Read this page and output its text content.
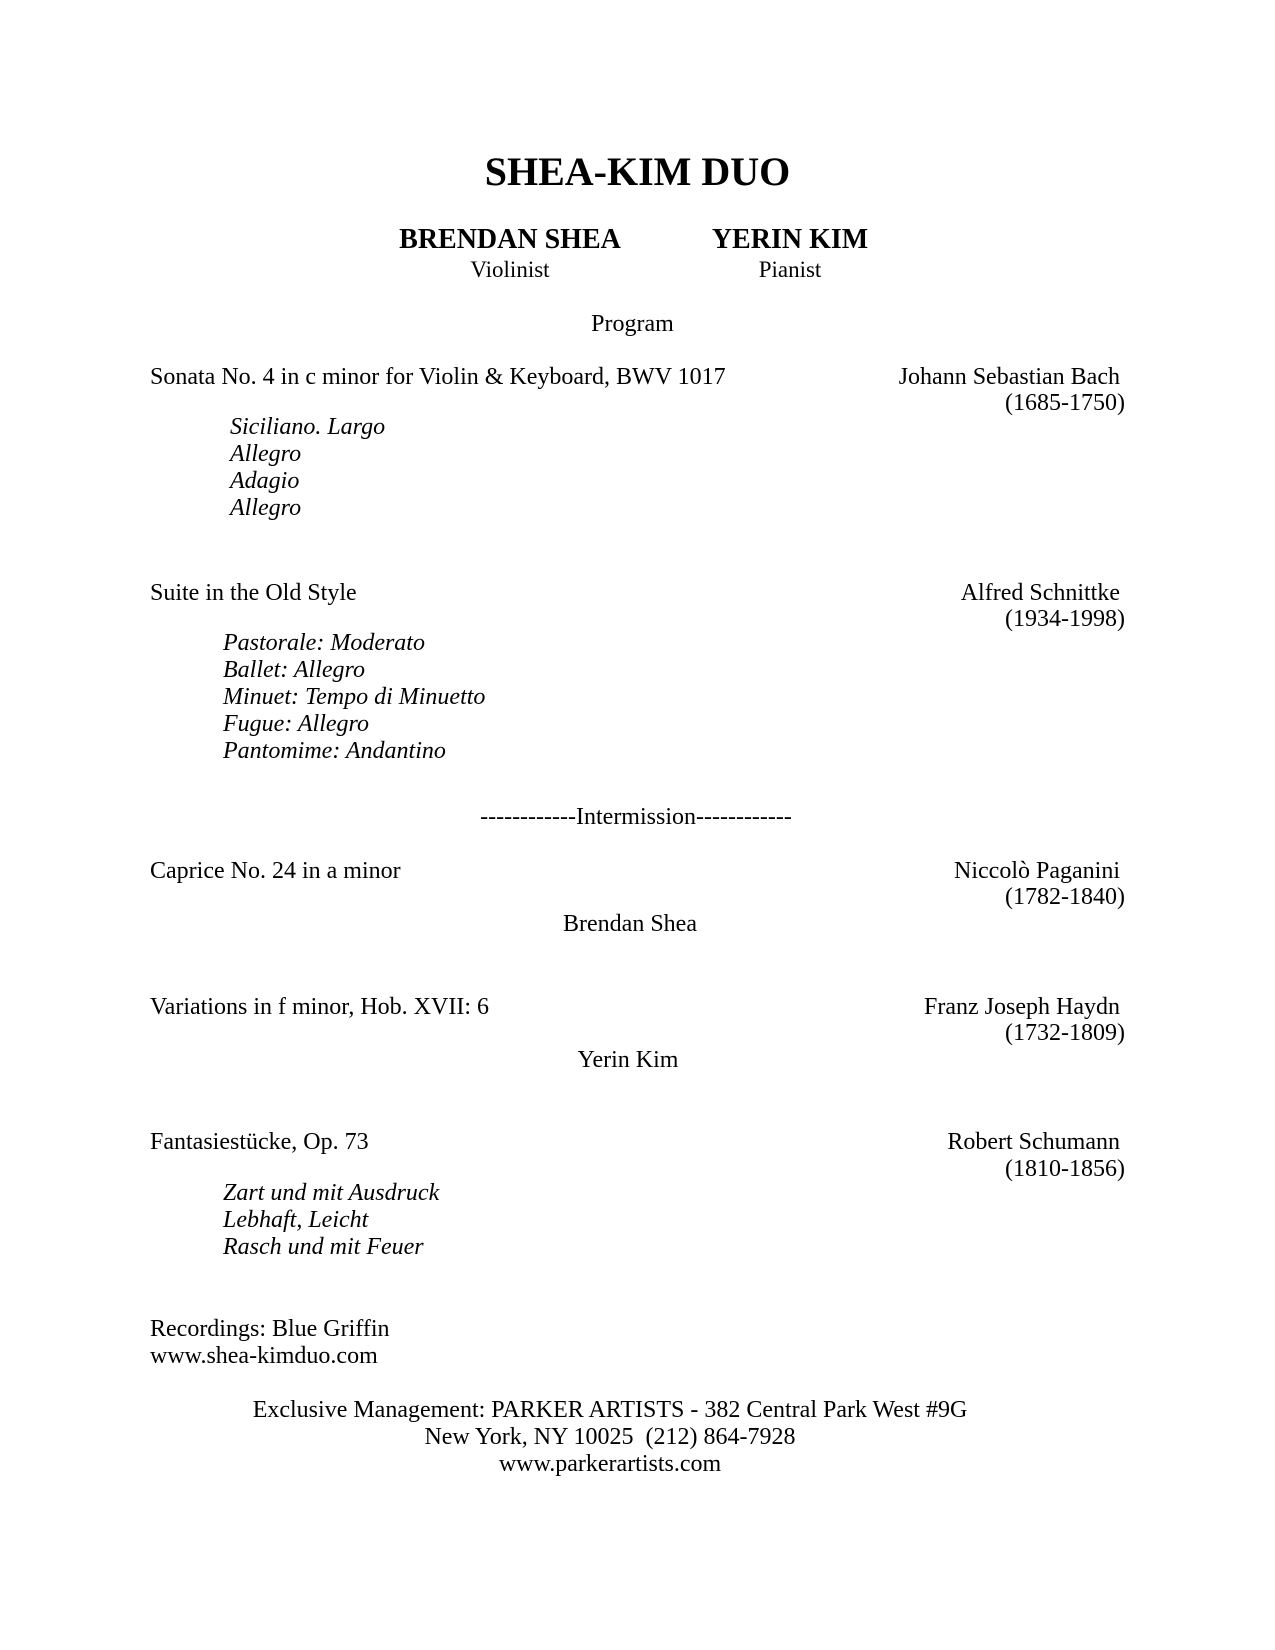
SHEA-KIM DUO
BRENDAN SHEA
Violinist
YERIN KIM
Pianist
Program
Sonata No. 4 in c minor for Violin & Keyboard, BWV 1017	Johann Sebastian Bach
(1685-1750)
Siciliano. Largo
Allegro
Adagio
Allegro
Suite in the Old Style	Alfred Schnittke
(1934-1998)
Pastorale: Moderato
Ballet: Allegro
Minuet: Tempo di Minuetto
Fugue: Allegro
Pantomime: Andantino
------------Intermission------------
Caprice No. 24 in a minor	Niccolò Paganini
(1782-1840)
Brendan Shea
Variations in f minor, Hob. XVII: 6	Franz Joseph Haydn
(1732-1809)
Yerin Kim
Fantasiestücke, Op. 73	Robert Schumann
(1810-1856)
Zart und mit Ausdruck
Lebhaft, Leicht
Rasch und mit Feuer
Recordings: Blue Griffin
www.shea-kimduo.com
Exclusive Management: PARKER ARTISTS - 382 Central Park West #9G
New York, NY 10025  (212) 864-7928
www.parkerartists.com
